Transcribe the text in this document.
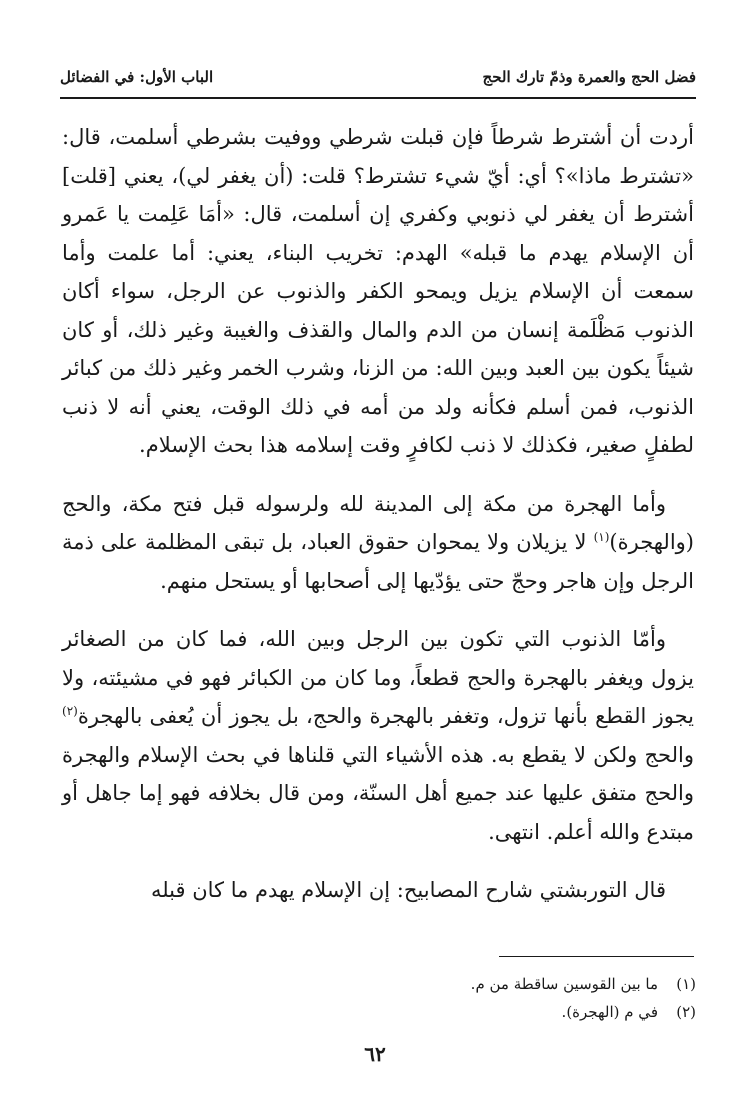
فضل الحج والعمرة وذمّ تارك الحج
الباب الأول: في الفضائل

أردت أن أشترط شرطاً فإن قبلت شرطي ووفيت بشرطي أسلمت، قال: «تشترط ماذا»؟ أي: أيّ شيء تشترط؟ قلت: (أن يغفر لي)، يعني [قلت] أشترط أن يغفر لي ذنوبي وكفري إن أسلمت، قال: «أمَا عَلِمت يا عَمرو أن الإسلام يهدم ما قبله» الهدم: تخريب البناء، يعني: أما علمت وأما سمعت أن الإسلام يزيل ويمحو الكفر والذنوب عن الرجل، سواء أكان الذنوب مَظْلَمة إنسان من الدم والمال والقذف والغيبة وغير ذلك، أو كان شيئاً يكون بين العبد وبين الله: من الزنا، وشرب الخمر وغير ذلك من كبائر الذنوب، فمن أسلم فكأنه ولد من أمه في ذلك الوقت، يعني أنه لا ذنب لطفلٍ صغير، فكذلك لا ذنب لكافرٍ وقت إسلامه هذا بحث الإسلام.

وأما الهجرة من مكة إلى المدينة لله ولرسوله قبل فتح مكة، والحج (والهجرة)$^{(١)}$ لا يزيلان ولا يمحوان حقوق العباد، بل تبقى المظلمة على ذمة الرجل وإن هاجر وحجّ حتى يؤدّيها إلى أصحابها أو يستحل منهم.

وأمّا الذنوب التي تكون بين الرجل وبين الله، فما كان من الصغائر يزول ويغفر بالهجرة والحج قطعاً، وما كان من الكبائر فهو في مشيئته، ولا يجوز القطع بأنها تزول، وتغفر بالهجرة والحج، بل يجوز أن يُعفى بالهجرة$^{(٢)}$ والحج ولكن لا يقطع به. هذه الأشياء التي قلناها في بحث الإسلام والهجرة والحج متفق عليها عند جميع أهل السنّة، ومن قال بخلافه فهو إما جاهل أو مبتدع والله أعلم. انتهى.

قال التوربشتي شارح المصابيح: إن الإسلام يهدم ما كان قبله

(١)
ما بين القوسين ساقطة من م.
(٢)
في م (الهجرة).
٦٢
